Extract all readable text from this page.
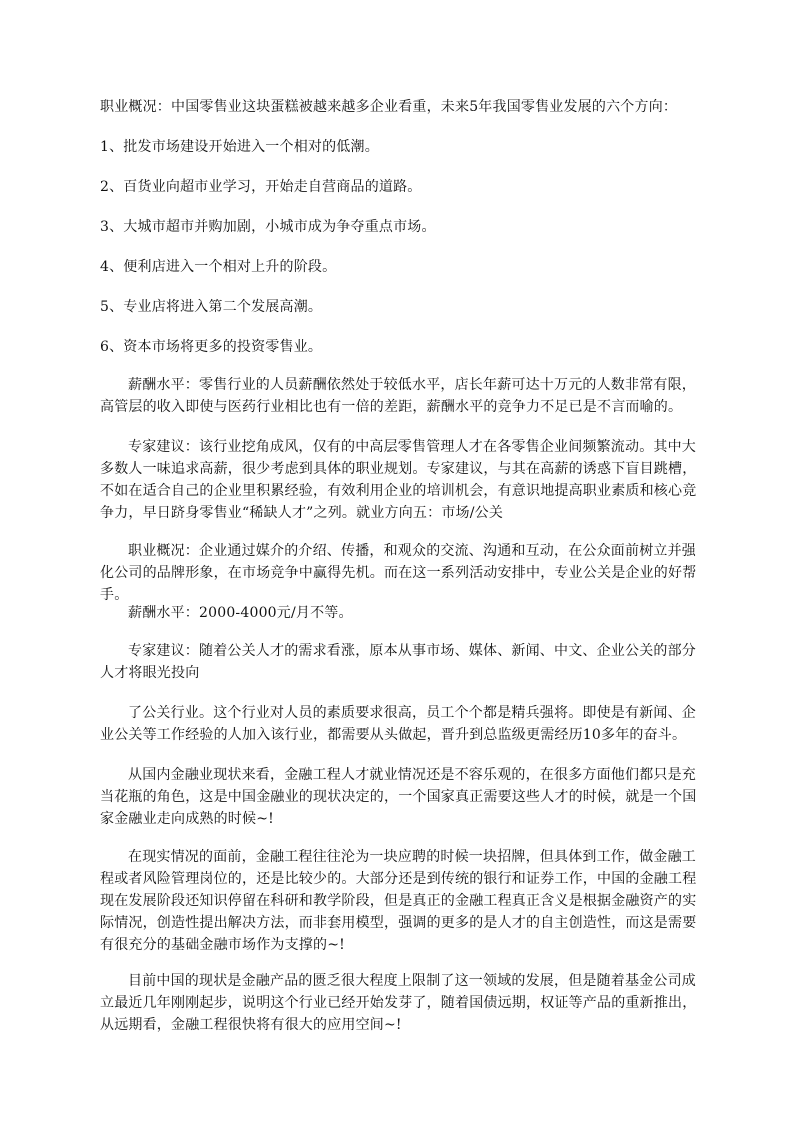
职业概况：中国零售业这块蛋糕被越来越多企业看重，未来5年我国零售业发展的六个方向：

1、批发市场建设开始进入一个相对的低潮。

2、百货业向超市业学习，开始走自营商品的道路。

3、大城市超市并购加剧，小城市成为争夺重点市场。

4、便利店进入一个相对上升的阶段。

5、专业店将进入第二个发展高潮。

6、资本市场将更多的投资零售业。

薪酬水平：零售行业的人员薪酬依然处于较低水平，店长年薪可达十万元的人数非常有限，高管层的收入即使与医药行业相比也有一倍的差距，薪酬水平的竞争力不足已是不言而喻的。

专家建议：该行业挖角成风，仅有的中高层零售管理人才在各零售企业间频繁流动。其中大多数人一味追求高薪，很少考虑到具体的职业规划。专家建议，与其在高薪的诱惑下盲目跳槽，不如在适合自己的企业里积累经验，有效利用企业的培训机会，有意识地提高职业素质和核心竞争力，早日跻身零售业“稀缺人才”之列。就业方向五：市场/公关

职业概况：企业通过媒介的介绍、传播，和观众的交流、沟通和互动，在公众面前树立并强化公司的品牌形象，在市场竞争中赢得先机。而在这一系列活动安排中，专业公关是企业的好帮手。

薪酬水平：2000-4000元/月不等。

专家建议：随着公关人才的需求看涨，原本从事市场、媒体、新闻、中文、企业公关的部分人才将眼光投向

了公关行业。这个行业对人员的素质要求很高，员工个个都是精兵强将。即使是有新闻、企业公关等工作经验的人加入该行业，都需要从头做起，晋升到总监级更需经历10多年的奋斗。

从国内金融业现状来看，金融工程人才就业情况还是不容乐观的，在很多方面他们都只是充当花瓶的角色，这是中国金融业的现状决定的，一个国家真正需要这些人才的时候，就是一个国家金融业走向成熟的时候~!

在现实情况的面前，金融工程往往沦为一块应聘的时候一块招牌，但具体到工作，做金融工程或者风险管理岗位的，还是比较少的。大部分还是到传统的银行和证券工作，中国的金融工程现在发展阶段还知识停留在科研和教学阶段，但是真正的金融工程真正含义是根据金融资产的实际情况，创造性提出解决方法，而非套用模型，强调的更多的是人才的自主创造性，而这是需要有很充分的基础金融市场作为支撑的~!

目前中国的现状是金融产品的匮乏很大程度上限制了这一领域的发展，但是随着基金公司成立最近几年刚刚起步，说明这个行业已经开始发芽了，随着国债远期，权证等产品的重新推出，从远期看，金融工程很快将有很大的应用空间~!
